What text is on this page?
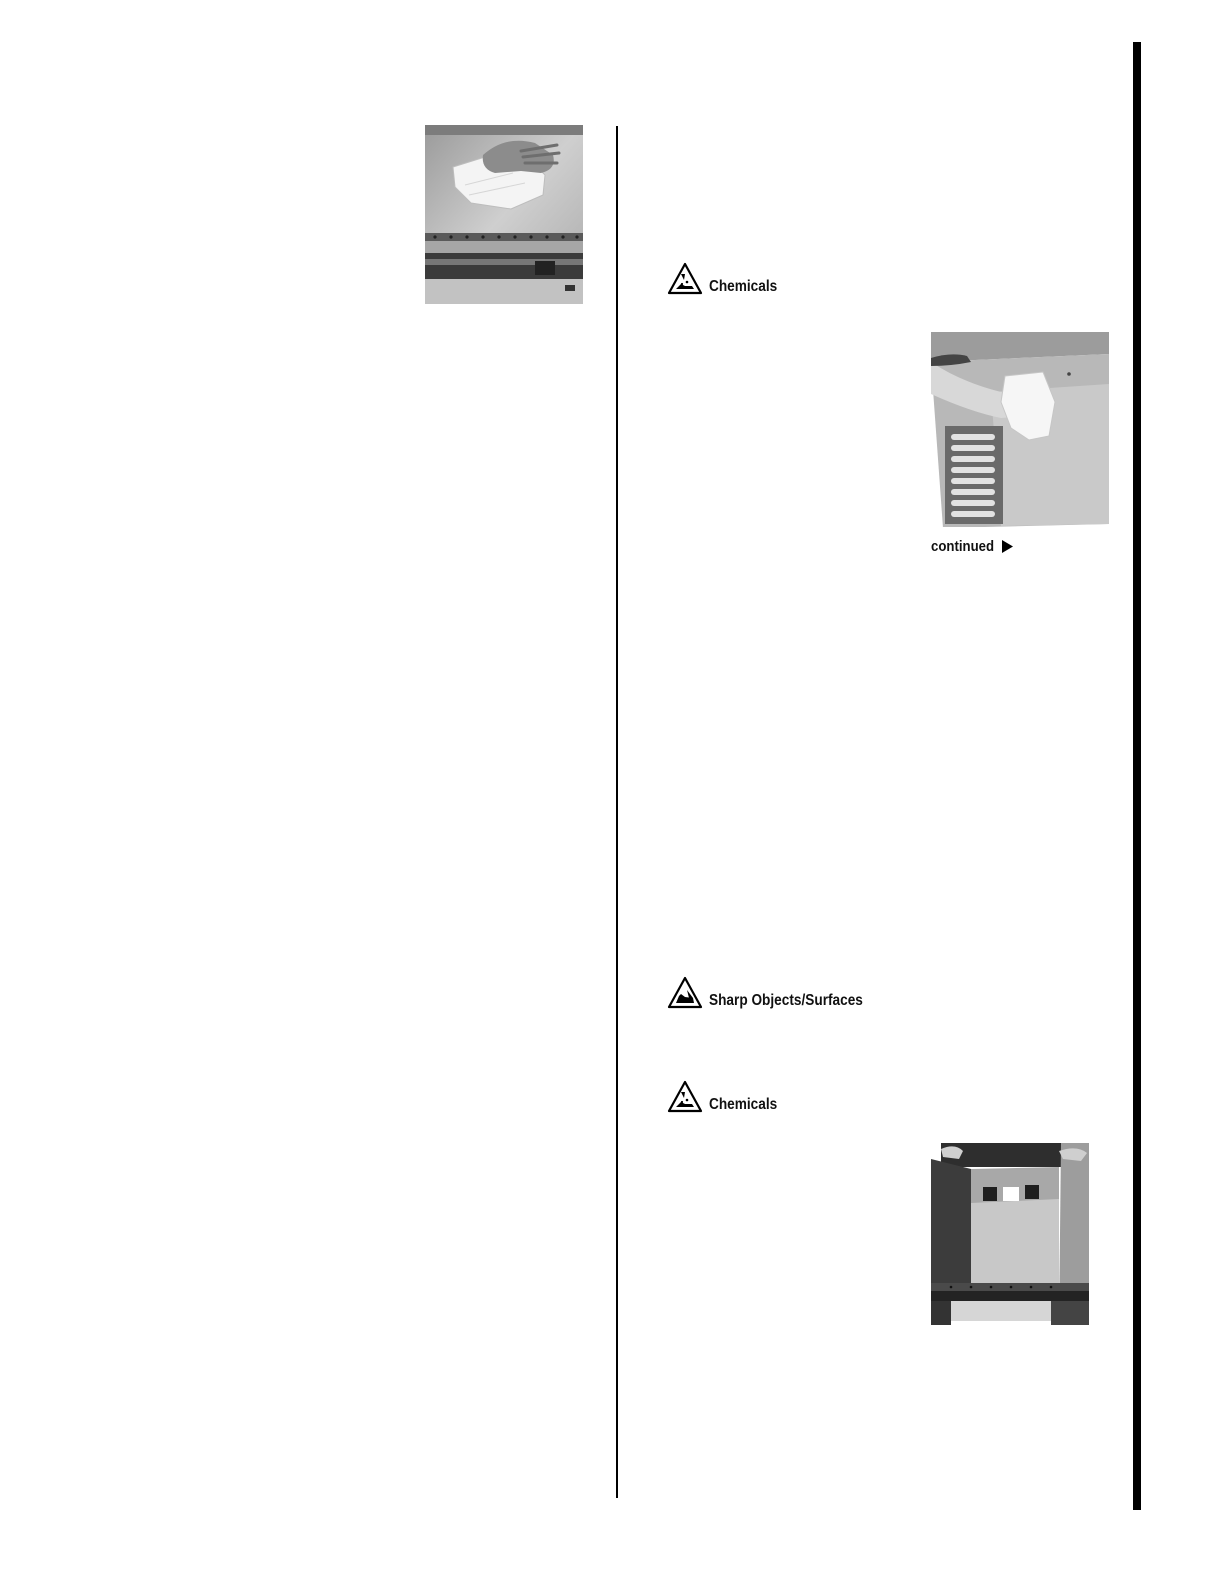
Chemicals
continued
Sharp Objects/Surfaces
Chemicals
